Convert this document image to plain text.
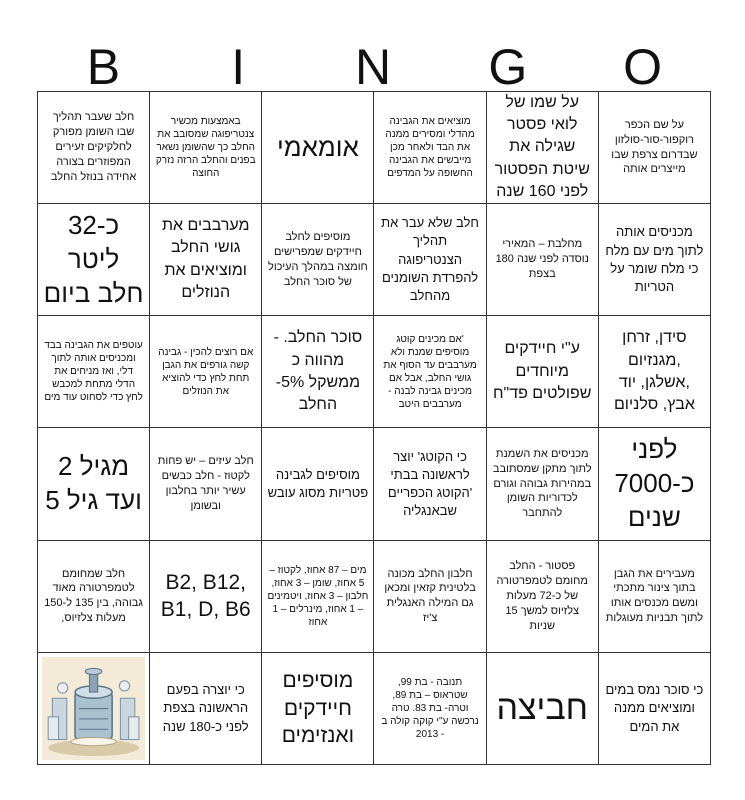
B	I	N	G	O
חלב שעבר תהליך שבו השומן מפורק לחלקיקים זעירים המפוזרים בצורה אחידה בנוזל החלב
באמצעות מכשיר צנטריפוגה שמסובב את החלב כך שהשומן נשאר בפנים והחלב הרזה נזרק החוצה
אומאמי
מוציאים את הגבינה מהדלי ומסירים ממנה את הבד ולאחר מכן מייבשים את הגבינה החשופה על המדפים
על שמו של לואי פסטר שגילה את שיטת הפסטור לפני 160 שנה
על שם הכפר רוקפור-סור-סולזון שבדרום צרפת שבו מייצרים אותה
כ-32 ליטר חלב ביום
מערבבים את גושי החלב ומוציאים את הנוזלים
מוסיפים לחלב חיידקים שמפרישים חומצה במהלך העיכול של סוכר החלב
חלב שלא עבר את תהליך הצנטריפוגה להפרדת השומנים מהחלב
מחלבת – המאירי נוסדה לפני שנה 180 בצפת
מכניסים אותה לתוך מים עם מלח כי מלח שומר על הטריות
עוטפים את הגבינה בבד ומכניסים אותה לתוך דלי, ואז מניחים את הדלי מתחת למכבש לחץ כדי לסחוט עוד מים
אם רוצים להכין - גבינה קשה גורפים את הגבן תחת לחץ כדי להוציא את הנוזלים
סוכר החלב. -מהווה כ ממשקל 5%- החלב
'אם מכינים קוטג מוסיפים שמנת ולא מערבבים עד הסוף את גושי החלב, אבל אם מכינים גבינה לבנה - מערבבים היטב
ע"י חיידקים מיוחדים שפולטים פד"ח
סידן, זרחן ,מגנזיום ,אשלגן, יוד אבץ, סלניום
מגיל 2 ועד גיל 5
חלב עיזים – יש פחות לקטוז - חלב כבשים עשיר יותר בחלבון ובשומן
מוסיפים לגבינה פטריות מסוג עובש
כי הקוטג' יוצר לראשונה בבתי 'הקוטג הכפריים שבאנגליה
מכניסים את השמנת לתוך מתקן שמסתובב במהירות גבוהה וגורם לכדוריות השומן להתחבר
לפני כ-7000 שנים
חלב שמחומם לטמפרטורה מאוד גבוהה, בין 135 ל-150 מעלות צלזיוס,
B2, B12, B1, D, B6
מים – 87 אחוז, לקטוז – 5 אחוז, שומן – 3 אחוז, חלבון – 3 אחוז, ויטמינים – 1 אחוז, מינרלים – 1 אחוז
חלבון החלב מכונה בלטינית קזאין ומכאן גם המילה האנגלית צ'יז
פסטור - החלב מחומם לטמפרטורה של כ-72 מעלות צלזיוס למשך 15 שניות
מעבירים את הגבן בתוך צינור מתכתי ומשם מכנסים אותו לתוך תבניות מעוגלות
כי יוצרה בפעם הראשונה בצפת לפני כ-180 שנה
מוסיפים חיידקים ואנזימים
תנובה - בת 99, שטראוס – בת 89, וטרה- בת 83. טרה נרכשה ע"י קוקה קולה ב - 2013
חביצה	כי סוכר נמס במים ומוציאים ממנה את המים
